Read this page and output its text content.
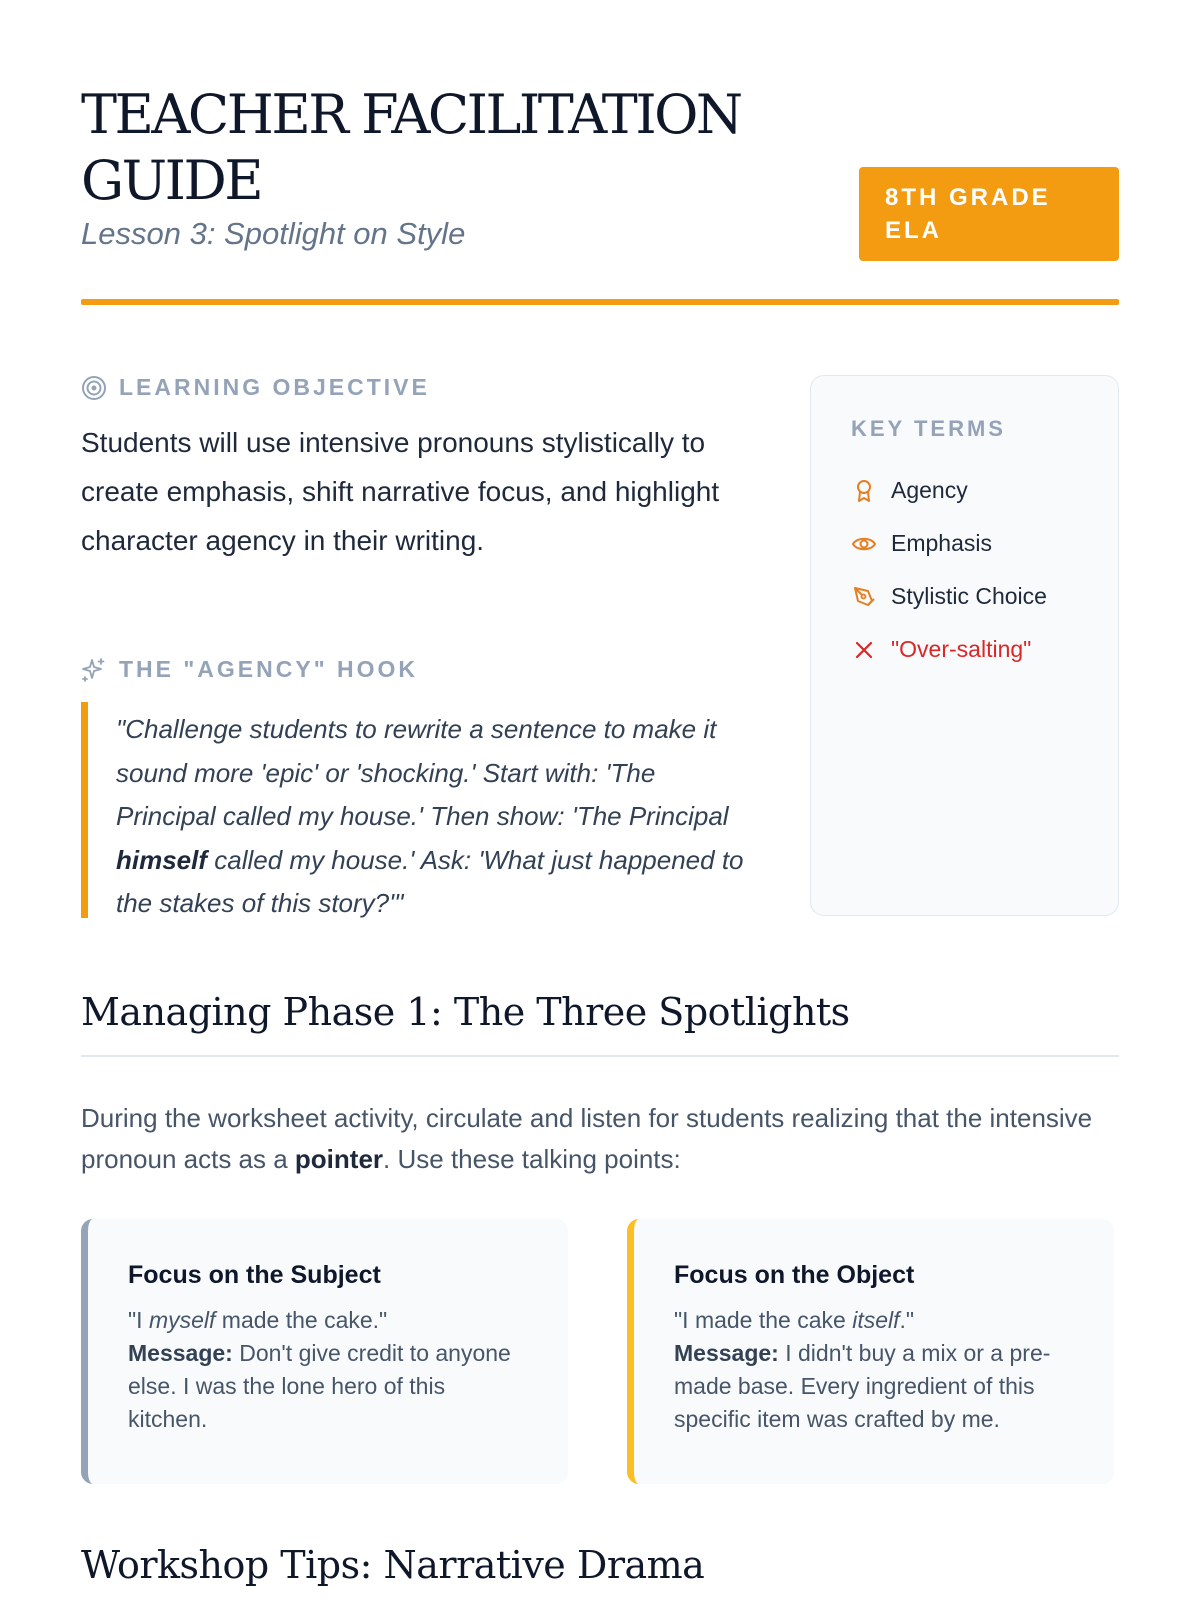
TEACHER FACILITATION GUIDE

Lesson 3: Spotlight on Style

8TH GRADE ELA
LEARNING OBJECTIVE

Students will use intensive pronouns stylistically to create emphasis, shift narrative focus, and highlight character agency in their writing.

THE "AGENCY" HOOK
"Challenge students to rewrite a sentence to make it sound more 'epic' or 'shocking.' Start with: 'The Principal called my house.' Then show: 'The Principal himself called my house.' Ask: 'What just happened to the stakes of this story?'"
KEY TERMS
Agency
Emphasis
Stylistic Choice
"Over-salting"
Managing Phase 1: The Three Spotlights

During the worksheet activity, circulate and listen for students realizing that the intensive pronoun acts as a pointer. Use these talking points:

Focus on the Subject
"I myself made the cake."
Message: Don't give credit to anyone else. I was the lone hero of this kitchen.
Focus on the Object
"I made the cake itself."
Message: I didn't buy a mix or a pre-made base. Every ingredient of this specific item was crafted by me.
Workshop Tips: Narrative Drama
